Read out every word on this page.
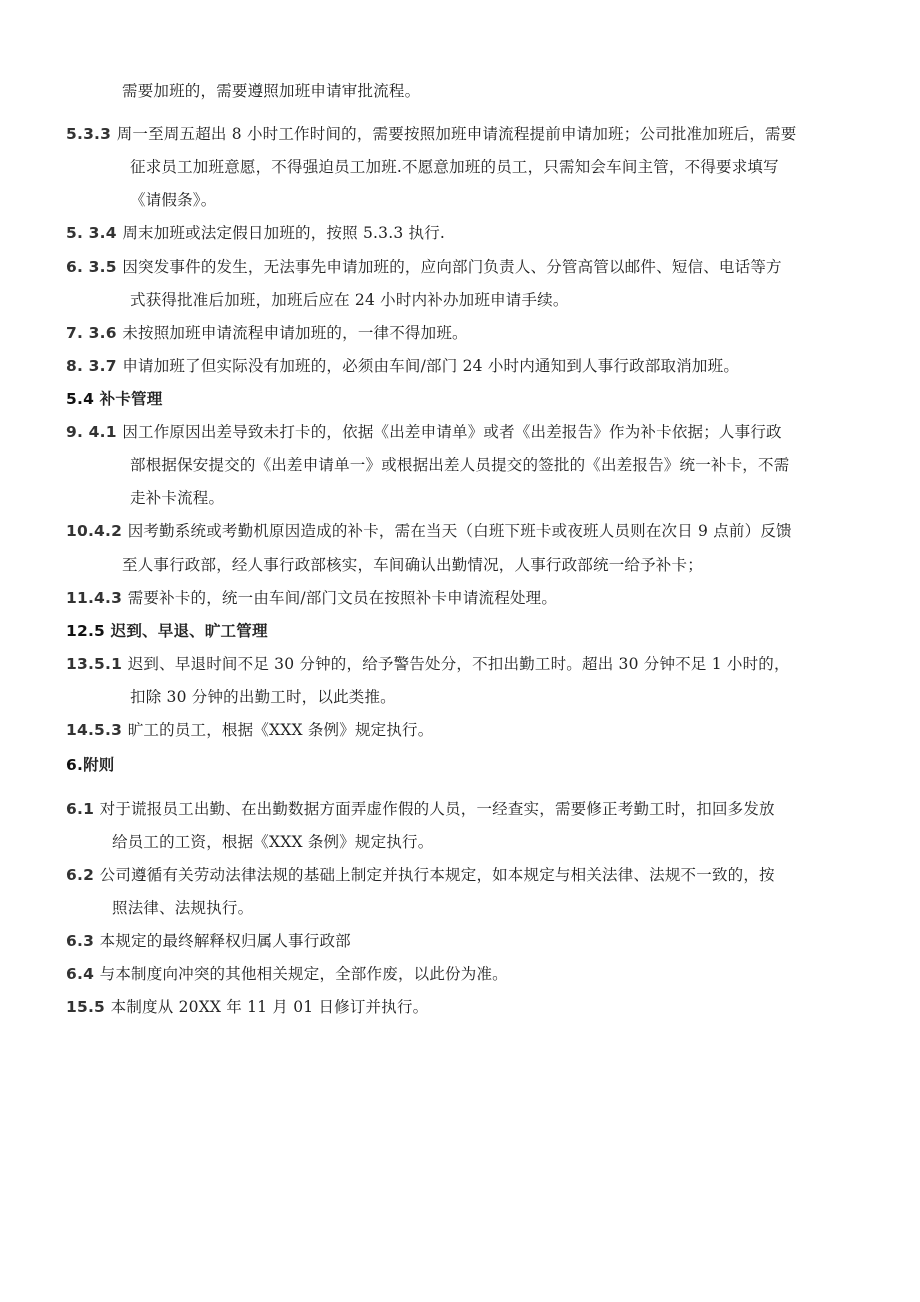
需要加班的，需要遵照加班申请审批流程。
5.3.3 周一至周五超出 8 小时工作时间的，需要按照加班申请流程提前申请加班；公司批准加班后，需要
征求员工加班意愿，不得强迫员工加班.不愿意加班的员工，只需知会车间主管，不得要求填写
《请假条》。
5. 3.4 周末加班或法定假日加班的，按照 5.3.3 执行.
6. 3.5 因突发事件的发生，无法事先申请加班的，应向部门负责人、分管高管以邮件、短信、电话等方
式获得批准后加班，加班后应在 24 小时内补办加班申请手续。
7. 3.6 未按照加班申请流程申请加班的，一律不得加班。
8. 3.7 申请加班了但实际没有加班的，必须由车间/部门 24 小时内通知到人事行政部取消加班。
5.4 补卡管理
9. 4.1 因工作原因出差导致未打卡的，依据《出差申请单》或者《出差报告》作为补卡依据；人事行政
部根据保安提交的《出差申请单一》或根据出差人员提交的签批的《出差报告》统一补卡，不需
走补卡流程。
10.4.2 因考勤系统或考勤机原因造成的补卡，需在当天（白班下班卡或夜班人员则在次日 9 点前）反馈
至人事行政部，经人事行政部核实，车间确认出勤情况，人事行政部统一给予补卡；
11.4.3 需要补卡的，统一由车间/部门文员在按照补卡申请流程处理。
12.5 迟到、早退、旷工管理
13.5.1 迟到、早退时间不足 30 分钟的，给予警告处分，不扣出勤工时。超出 30 分钟不足 1 小时的，
扣除 30 分钟的出勤工时，以此类推。
14.5.3 旷工的员工，根据《XXX 条例》规定执行。
6.附则
6.1 对于谎报员工出勤、在出勤数据方面弄虚作假的人员，一经查实，需要修正考勤工时，扣回多发放
给员工的工资，根据《XXX 条例》规定执行。
6.2 公司遵循有关劳动法律法规的基础上制定并执行本规定，如本规定与相关法律、法规不一致的，按
照法律、法规执行。
6.3 本规定的最终解释权归属人事行政部
6.4 与本制度向冲突的其他相关规定，全部作废，以此份为准。
15.5 本制度从 20XX 年 11 月 01 日修订并执行。
